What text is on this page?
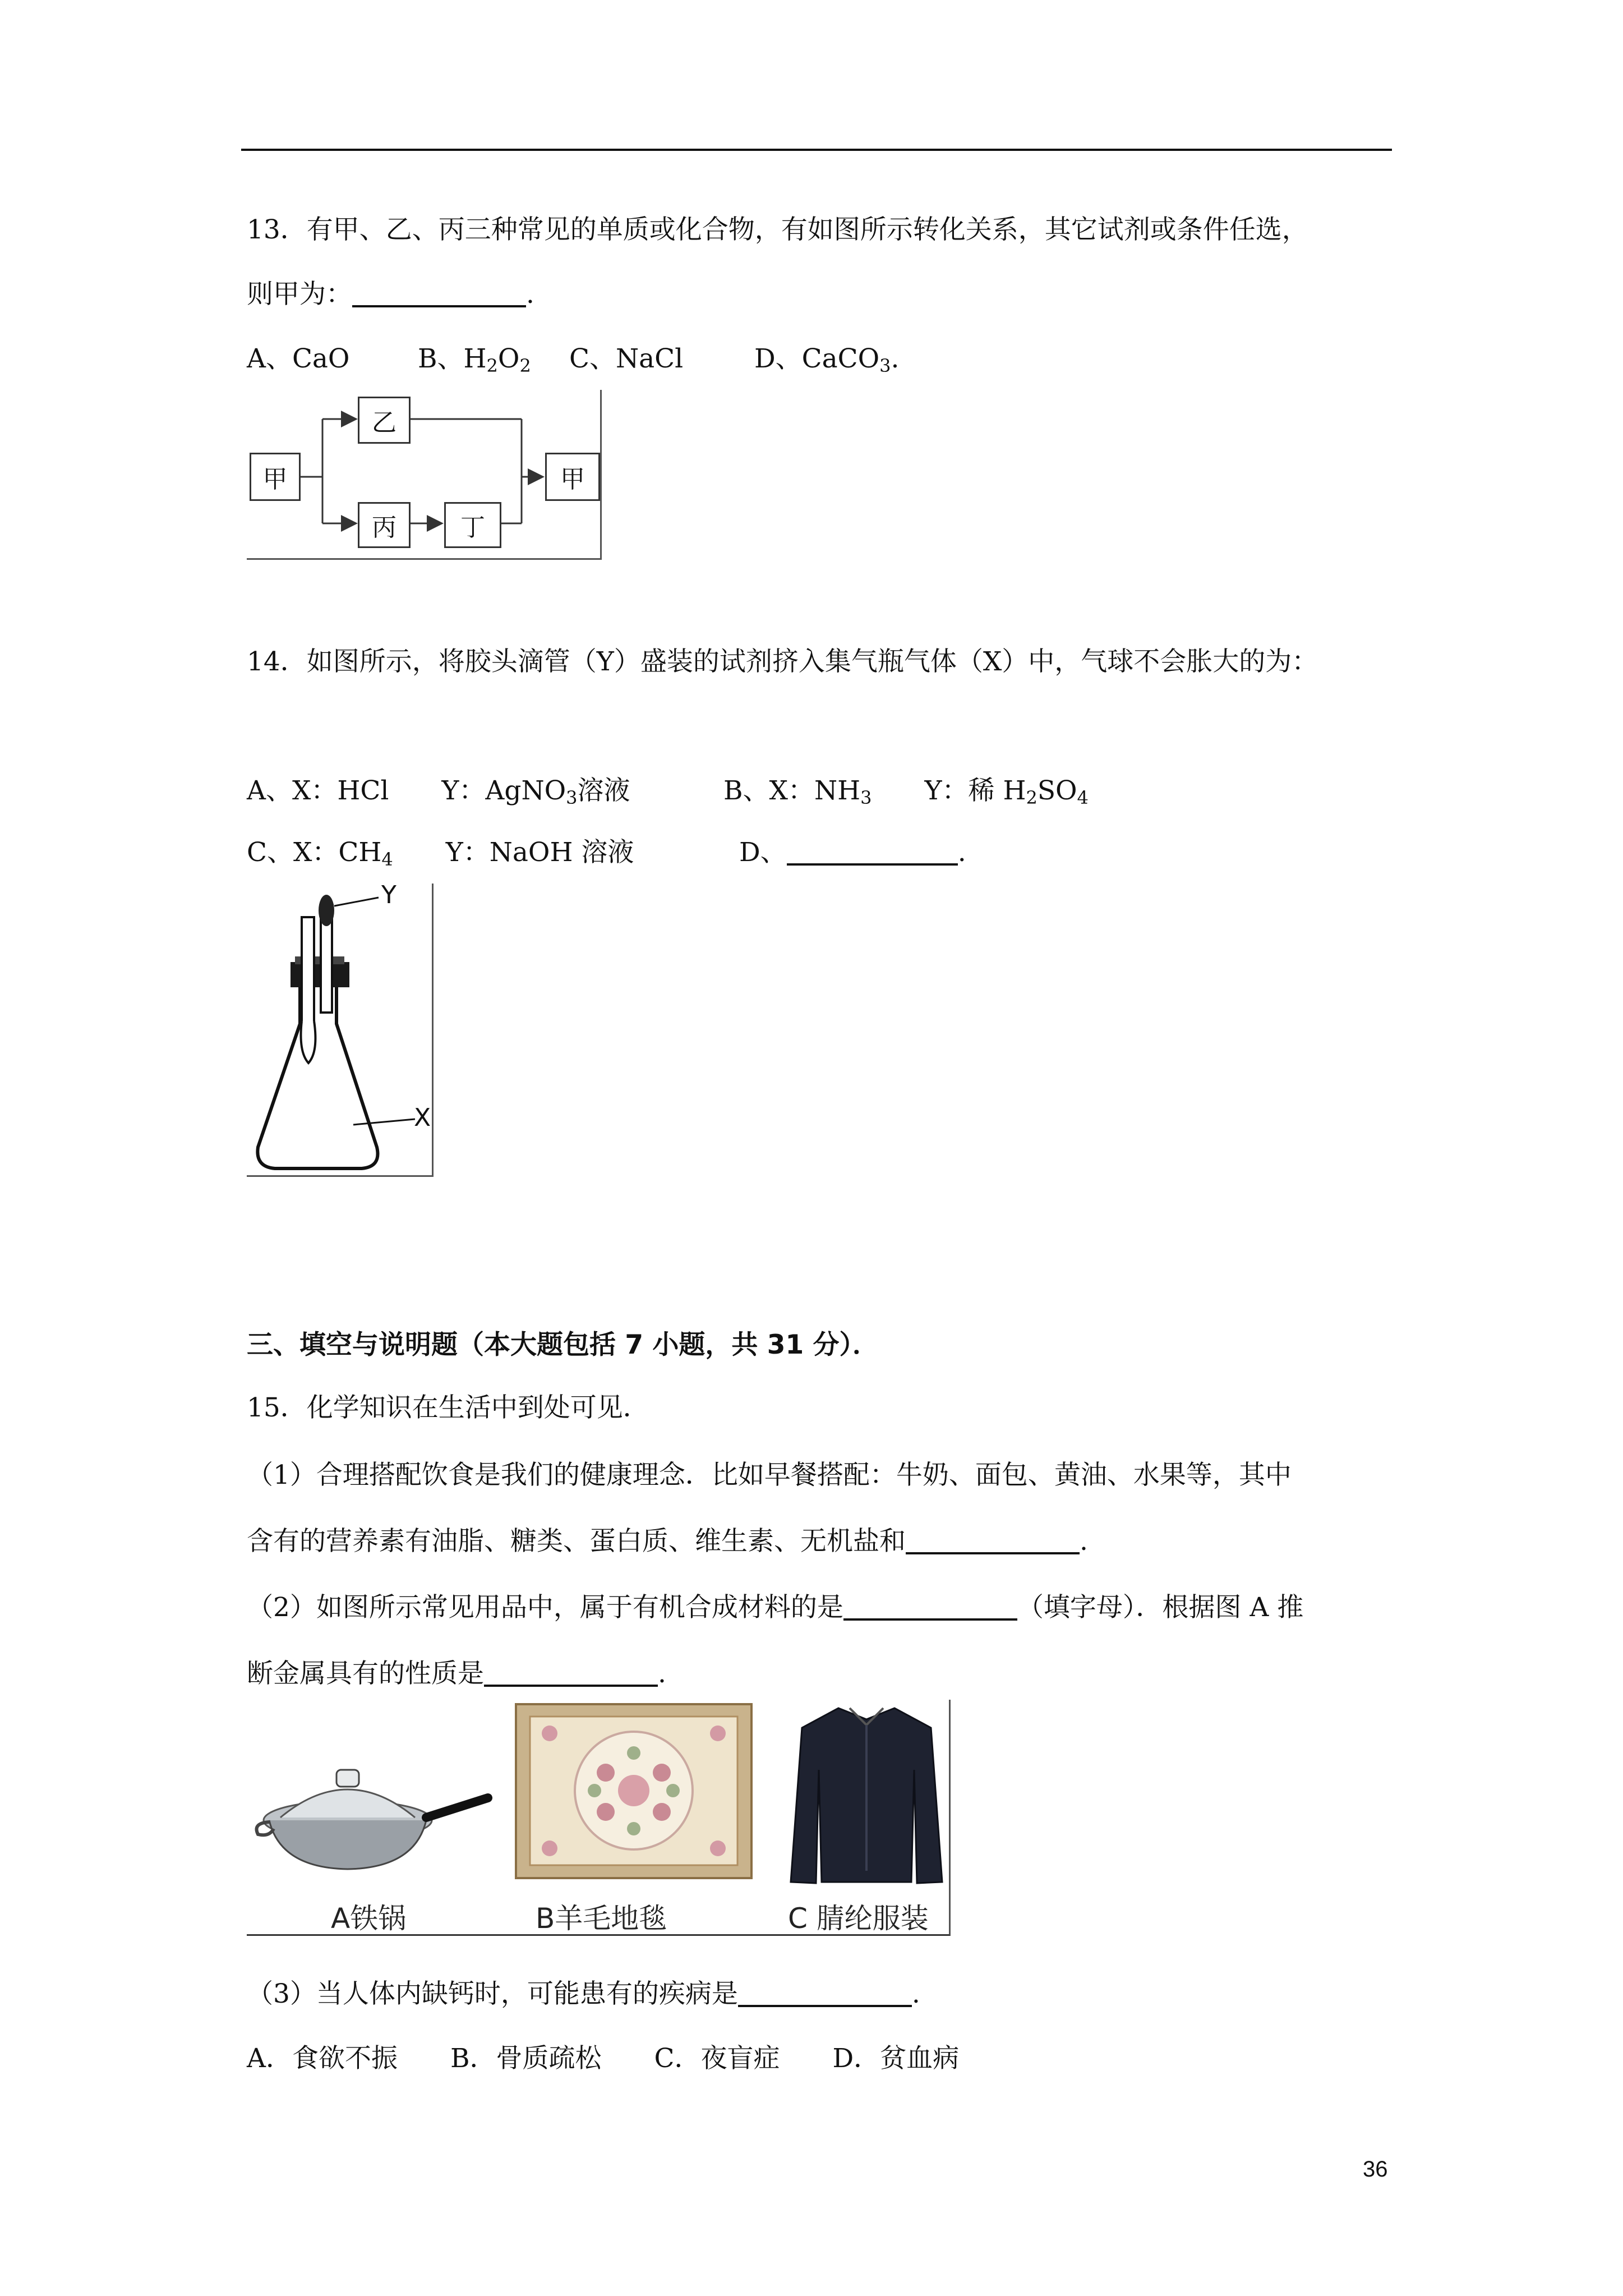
13．有甲、乙、丙三种常见的单质或化合物，有如图所示转化关系，其它试剂或条件任选，
则甲为：	.
A、CaO	B、$H_2O_2$ C、NaCl	D、CaCO$_3$.
甲
乙
丙	丁
甲
14．如图所示，将胶头滴管（Y）盛装的试剂挤入集气瓶气体（X）中，气球不会胀大的为：
A、X：HCl　　Y：AgNO$_3$溶液	B、X：$NH_3$　　Y：稀 $H_2SO_4$
C、X：$CH_4$　　Y：NaOH 溶液	D、	.
Y
X
三、填空与说明题（本大题包括 7 小题，共 31 分）．
15．化学知识在生活中到处可见．
（1）合理搭配饮食是我们的健康理念．比如早餐搭配：牛奶、面包、黄油、水果等，其中
含有的营养素有油脂、糖类、蛋白质、维生素、无机盐和	.
（2）如图所示常见用品中，属于有机合成材料的是	（填字母）．根据图 A 推
断金属具有的性质是	.
A铁锅	B羊毛地毯	C 腈纶服装
（3）当人体内缺钙时，可能患有的疾病是	.
A．食欲不振　　B．骨质疏松　　C．夜盲症　　D．贫血病
36
